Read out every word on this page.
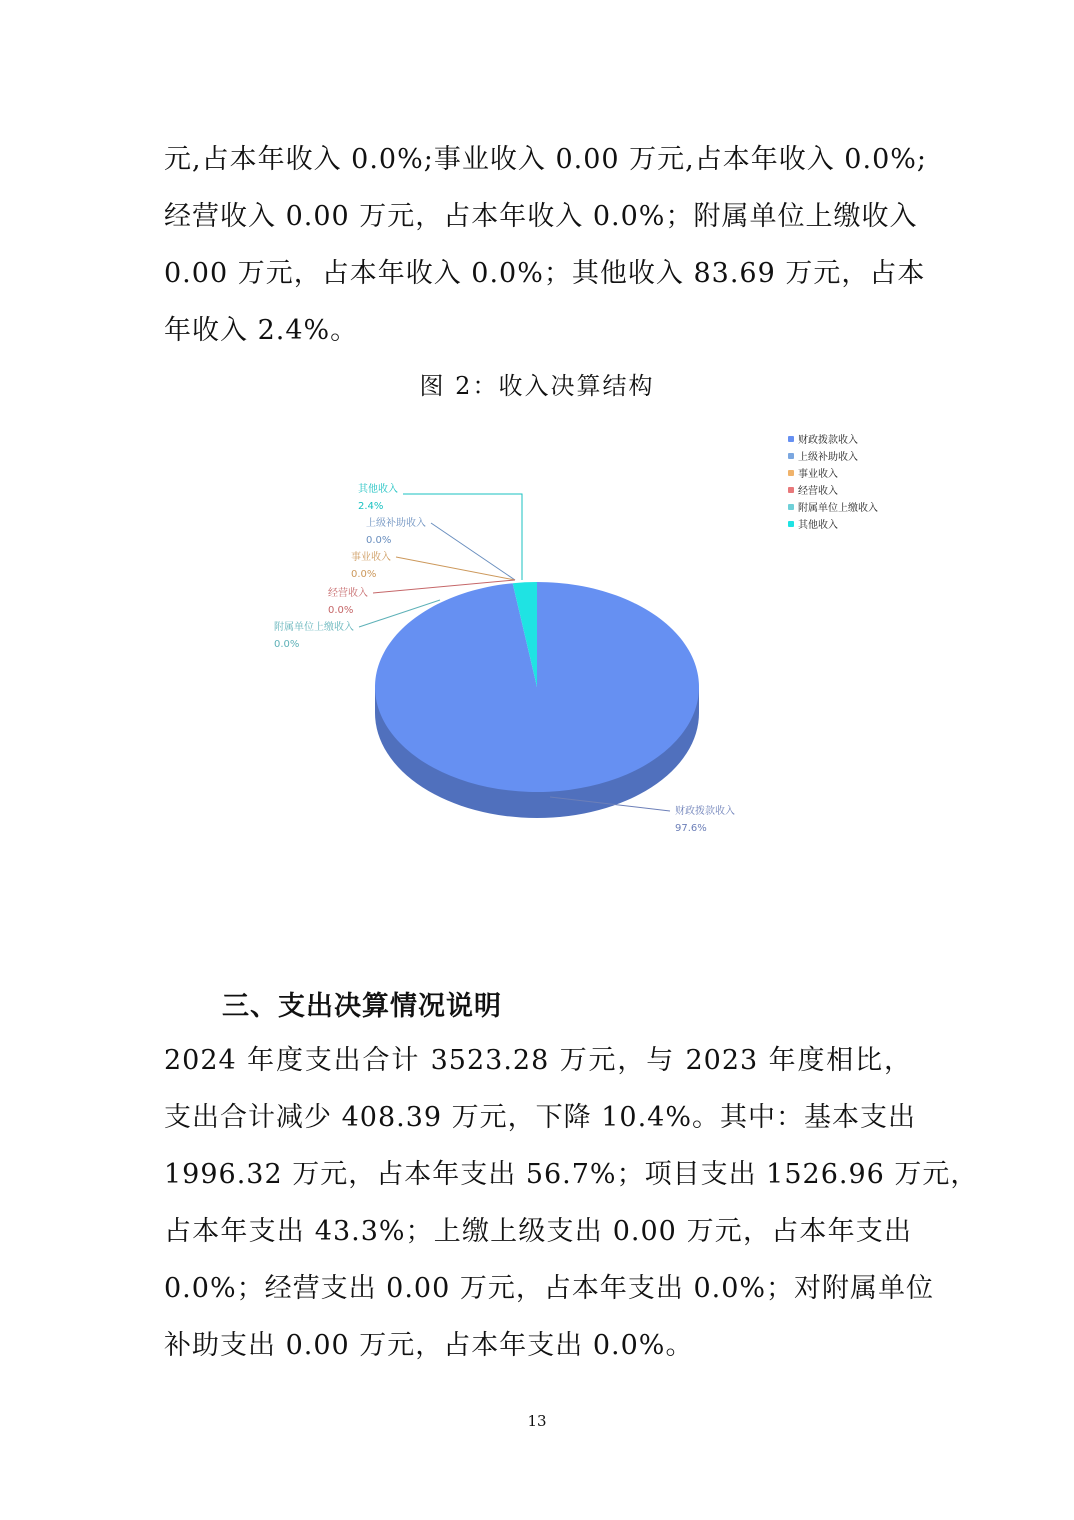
元,占本年收入 0.0%;事业收入 0.00 万元,占本年收入 0.0%;
经营收入 0.00 万元，占本年收入 0.0%；附属单位上缴收入
0.00 万元，占本年收入 0.0%；其他收入 83.69 万元，占本
年收入 2.4%。

图 2：收入决算结构

财政拨款收入
97.6%
上级补助收入
0.0%
事业收入
0.0%
经营收入
0.0%
附属单位上缴收入
0.0%
其他收入
2.4%
财政拨款收入
上级补助收入
事业收入
经营收入
附属单位上缴收入
其他收入
三、支出决算情况说明
2024 年度支出合计 3523.28 万元，与 2023 年度相比，
支出合计减少 408.39 万元，下降 10.4%。其中：基本支出
1996.32 万元，占本年支出 56.7%；项目支出 1526.96 万元，
占本年支出 43.3%；上缴上级支出 0.00 万元，占本年支出
0.0%；经营支出 0.00 万元，占本年支出 0.0%；对附属单位
补助支出 0.00 万元，占本年支出 0.0%。
13
